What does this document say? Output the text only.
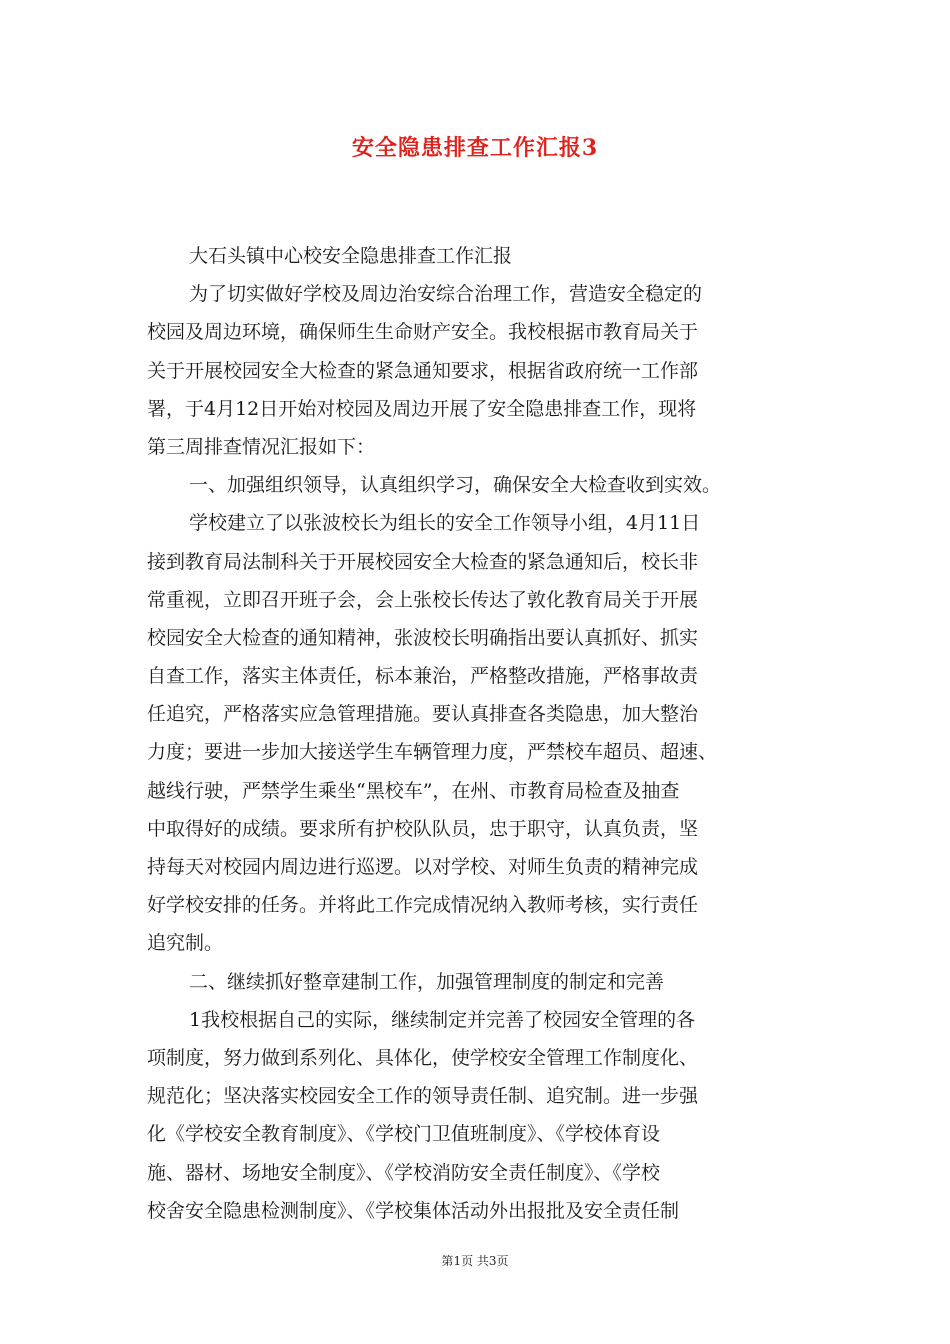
安全隐患排查工作汇报3
大石头镇中心校安全隐患排查工作汇报
为了切实做好学校及周边治安综合治理工作，营造安全稳定的
校园及周边环境，确保师生生命财产安全。我校根据市教育局关于
关于开展校园安全大检查的紧急通知要求，根据省政府统一工作部
署，于4月12日开始对校园及周边开展了安全隐患排查工作，现将
第三周排查情况汇报如下：
一、加强组织领导，认真组织学习，确保安全大检查收到实效。
学校建立了以张波校长为组长的安全工作领导小组，4月11日
接到教育局法制科关于开展校园安全大检查的紧急通知后，校长非
常重视，立即召开班子会，会上张校长传达了敦化教育局关于开展
校园安全大检查的通知精神，张波校长明确指出要认真抓好、抓实
自查工作，落实主体责任，标本兼治，严格整改措施，严格事故责
任追究，严格落实应急管理措施。要认真排查各类隐患，加大整治
力度；要进一步加大接送学生车辆管理力度，严禁校车超员、超速、
越线行驶，严禁学生乘坐“黑校车”，在州、市教育局检查及抽查
中取得好的成绩。要求所有护校队队员，忠于职守，认真负责，坚
持每天对校园内周边进行巡逻。以对学校、对师生负责的精神完成
好学校安排的任务。并将此工作完成情况纳入教师考核，实行责任
追究制。
二、继续抓好整章建制工作，加强管理制度的制定和完善
1我校根据自己的实际，继续制定并完善了校园安全管理的各
项制度，努力做到系列化、具体化，使学校安全管理工作制度化、
规范化；坚决落实校园安全工作的领导责任制、追究制。进一步强
化《学校安全教育制度》、《学校门卫值班制度》、《学校体育设
施、器材、场地安全制度》、《学校消防安全责任制度》、《学校
校舍安全隐患检测制度》、《学校集体活动外出报批及安全责任制
第1页 共3页
